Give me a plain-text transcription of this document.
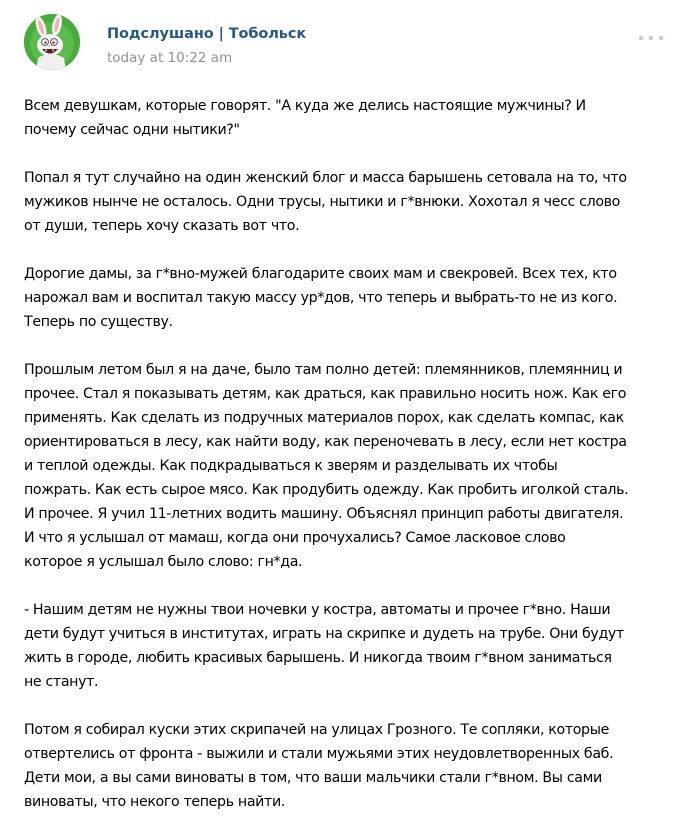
Подслушано | Тобольск
today at 10:22 am

Всем девушкам, которые говорят. "А куда же делись настоящие мужчины? И
почему сейчас одни нытики?"

Попал я тут случайно на один женский блог и масса барышень сетовала на то, что
мужиков нынче не осталось. Одни трусы, нытики и г*внюки. Хохотал я чесс слово
от души, теперь хочу сказать вот что.

Дорогие дамы, за г*вно-мужей благодарите своих мам и свекровей. Всех тех, кто
нарожал вам и воспитал такую массу ур*дов, что теперь и выбрать-то не из кого.
Теперь по существу.

Прошлым летом был я на даче, было там полно детей: племянников, племянниц и
прочее. Стал я показывать детям, как драться, как правильно носить нож. Как его
применять. Как сделать из подручных материалов порох, как сделать компас, как
ориентироваться в лесу, как найти воду, как переночевать в лесу, если нет костра
и теплой одежды. Как подкрадываться к зверям и разделывать их чтобы
пожрать. Как есть сырое мясо. Как продубить одежду. Как пробить иголкой сталь.
И прочее. Я учил 11-летних водить машину. Объяснял принцип работы двигателя.
И что я услышал от мамаш, когда они прочухались? Самое ласковое слово
которое я услышал было слово: гн*да.

- Нашим детям не нужны твои ночевки у костра, автоматы и прочее г*вно. Наши
дети будут учиться в институтах, играть на скрипке и дудеть на трубе. Они будут
жить в городе, любить красивых барышень. И никогда твоим г*вном заниматься
не станут.

Потом я собирал куски этих скрипачей на улицах Грозного. Те сопляки, которые
отвертелись от фронта - выжили и стали мужьями этих неудовлетворенных баб.
Дети мои, а вы сами виноваты в том, что ваши мальчики стали г*вном. Вы сами
виноваты, что некого теперь найти.
